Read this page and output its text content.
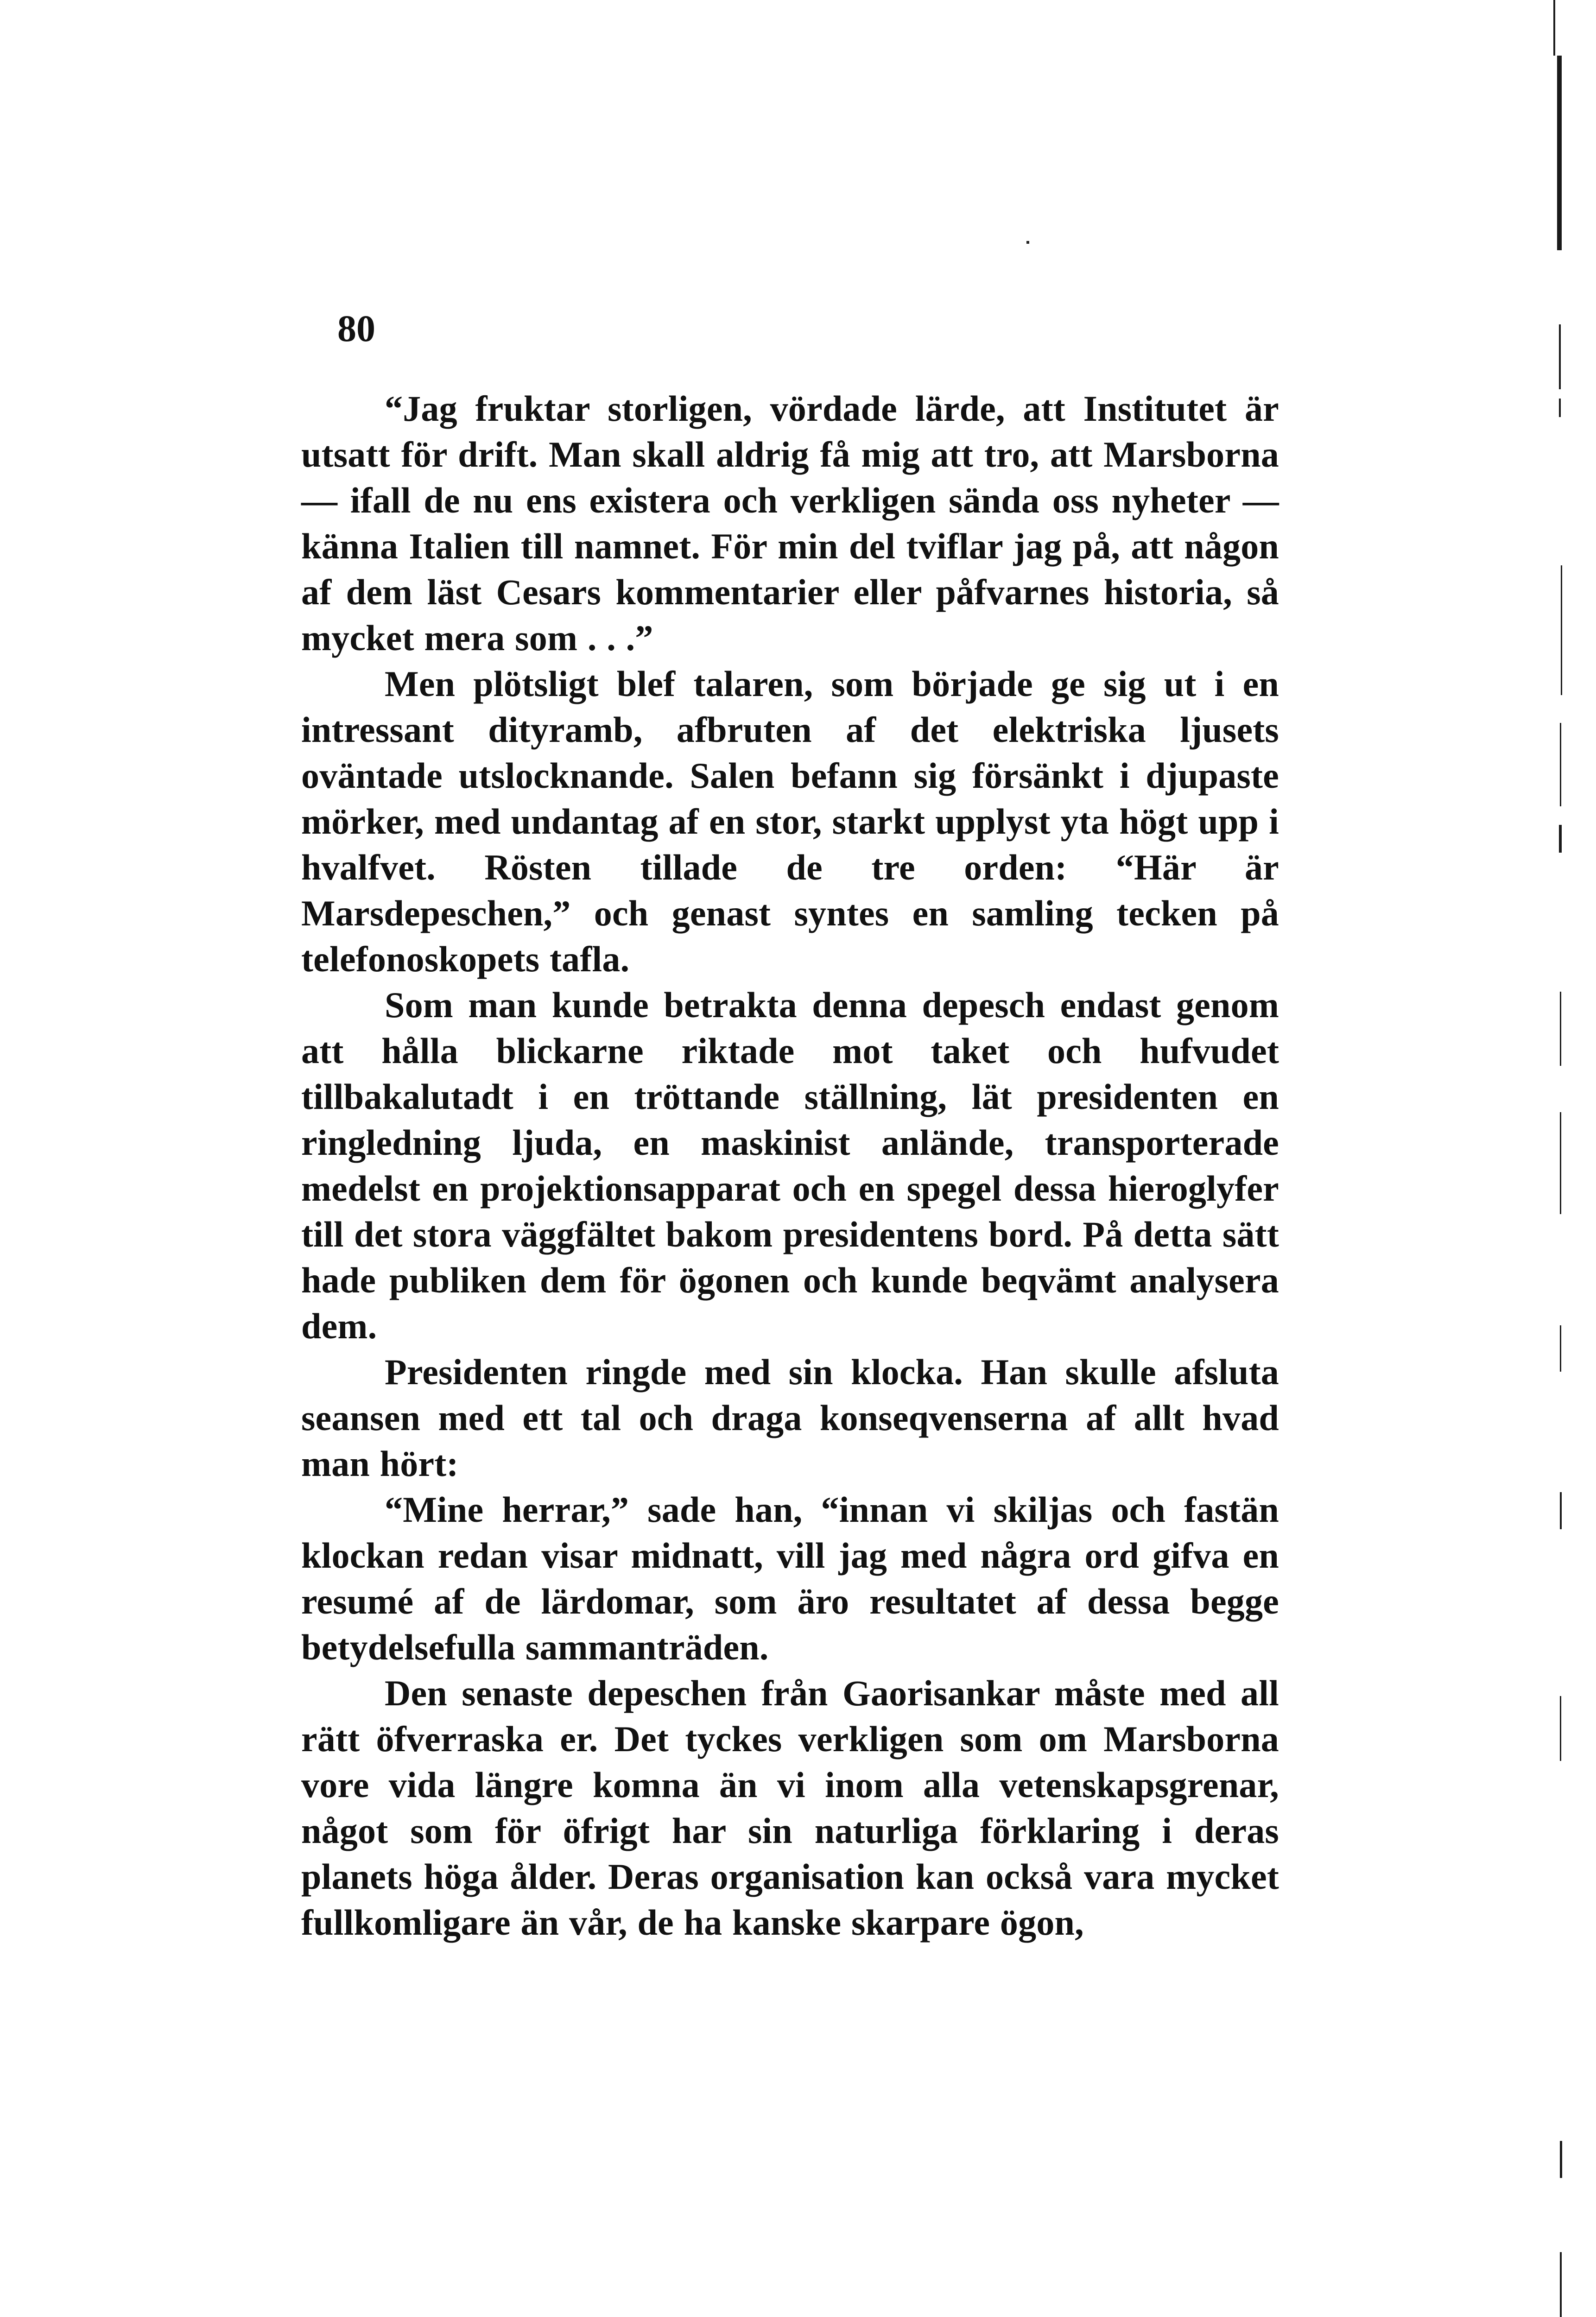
80

“Jag fruktar storligen, vördade lärde, att Institutet är utsatt för drift. Man skall aldrig få mig att tro, att Marsborna — ifall de nu ens existera och verkligen sända oss nyheter — känna Italien till namnet. För min del tviflar jag på, att någon af dem läst Cesars kommentarier eller påfvarnes historia, så mycket mera som . . .”

Men plötsligt blef talaren, som började ge sig ut i en intressant dityramb, afbruten af det elektriska ljusets oväntade utslocknande. Salen befann sig försänkt i djupaste mörker, med undantag af en stor, starkt upplyst yta högt upp i hvalfvet. Rösten tillade de tre orden: “Här är Marsdepeschen,” och genast syntes en samling tecken på telefonoskopets tafla.

Som man kunde betrakta denna depesch endast genom att hålla blickarne riktade mot taket och hufvudet tillbakalutadt i en tröttande ställning, lät presidenten en ringledning ljuda, en maskinist anlände, transporterade medelst en projektionsapparat och en spegel dessa hieroglyfer till det stora väggfältet bakom presidentens bord. På detta sätt hade publiken dem för ögonen och kunde beqvämt analysera dem.

Presidenten ringde med sin klocka. Han skulle afsluta seansen med ett tal och draga konseqvenserna af allt hvad man hört:

“Mine herrar,” sade han, “innan vi skiljas och fastän klockan redan visar midnatt, vill jag med några ord gifva en resumé af de lärdomar, som äro resultatet af dessa begge betydelsefulla sammanträden.

Den senaste depeschen från Gaorisankar måste med all rätt öfverraska er. Det tyckes verkligen som om Marsborna vore vida längre komna än vi inom alla vetenskapsgrenar, något som för öfrigt har sin naturliga förklaring i deras planets höga ålder. Deras organisation kan också vara mycket fullkomligare än vår, de ha kanske skarpare ögon,
